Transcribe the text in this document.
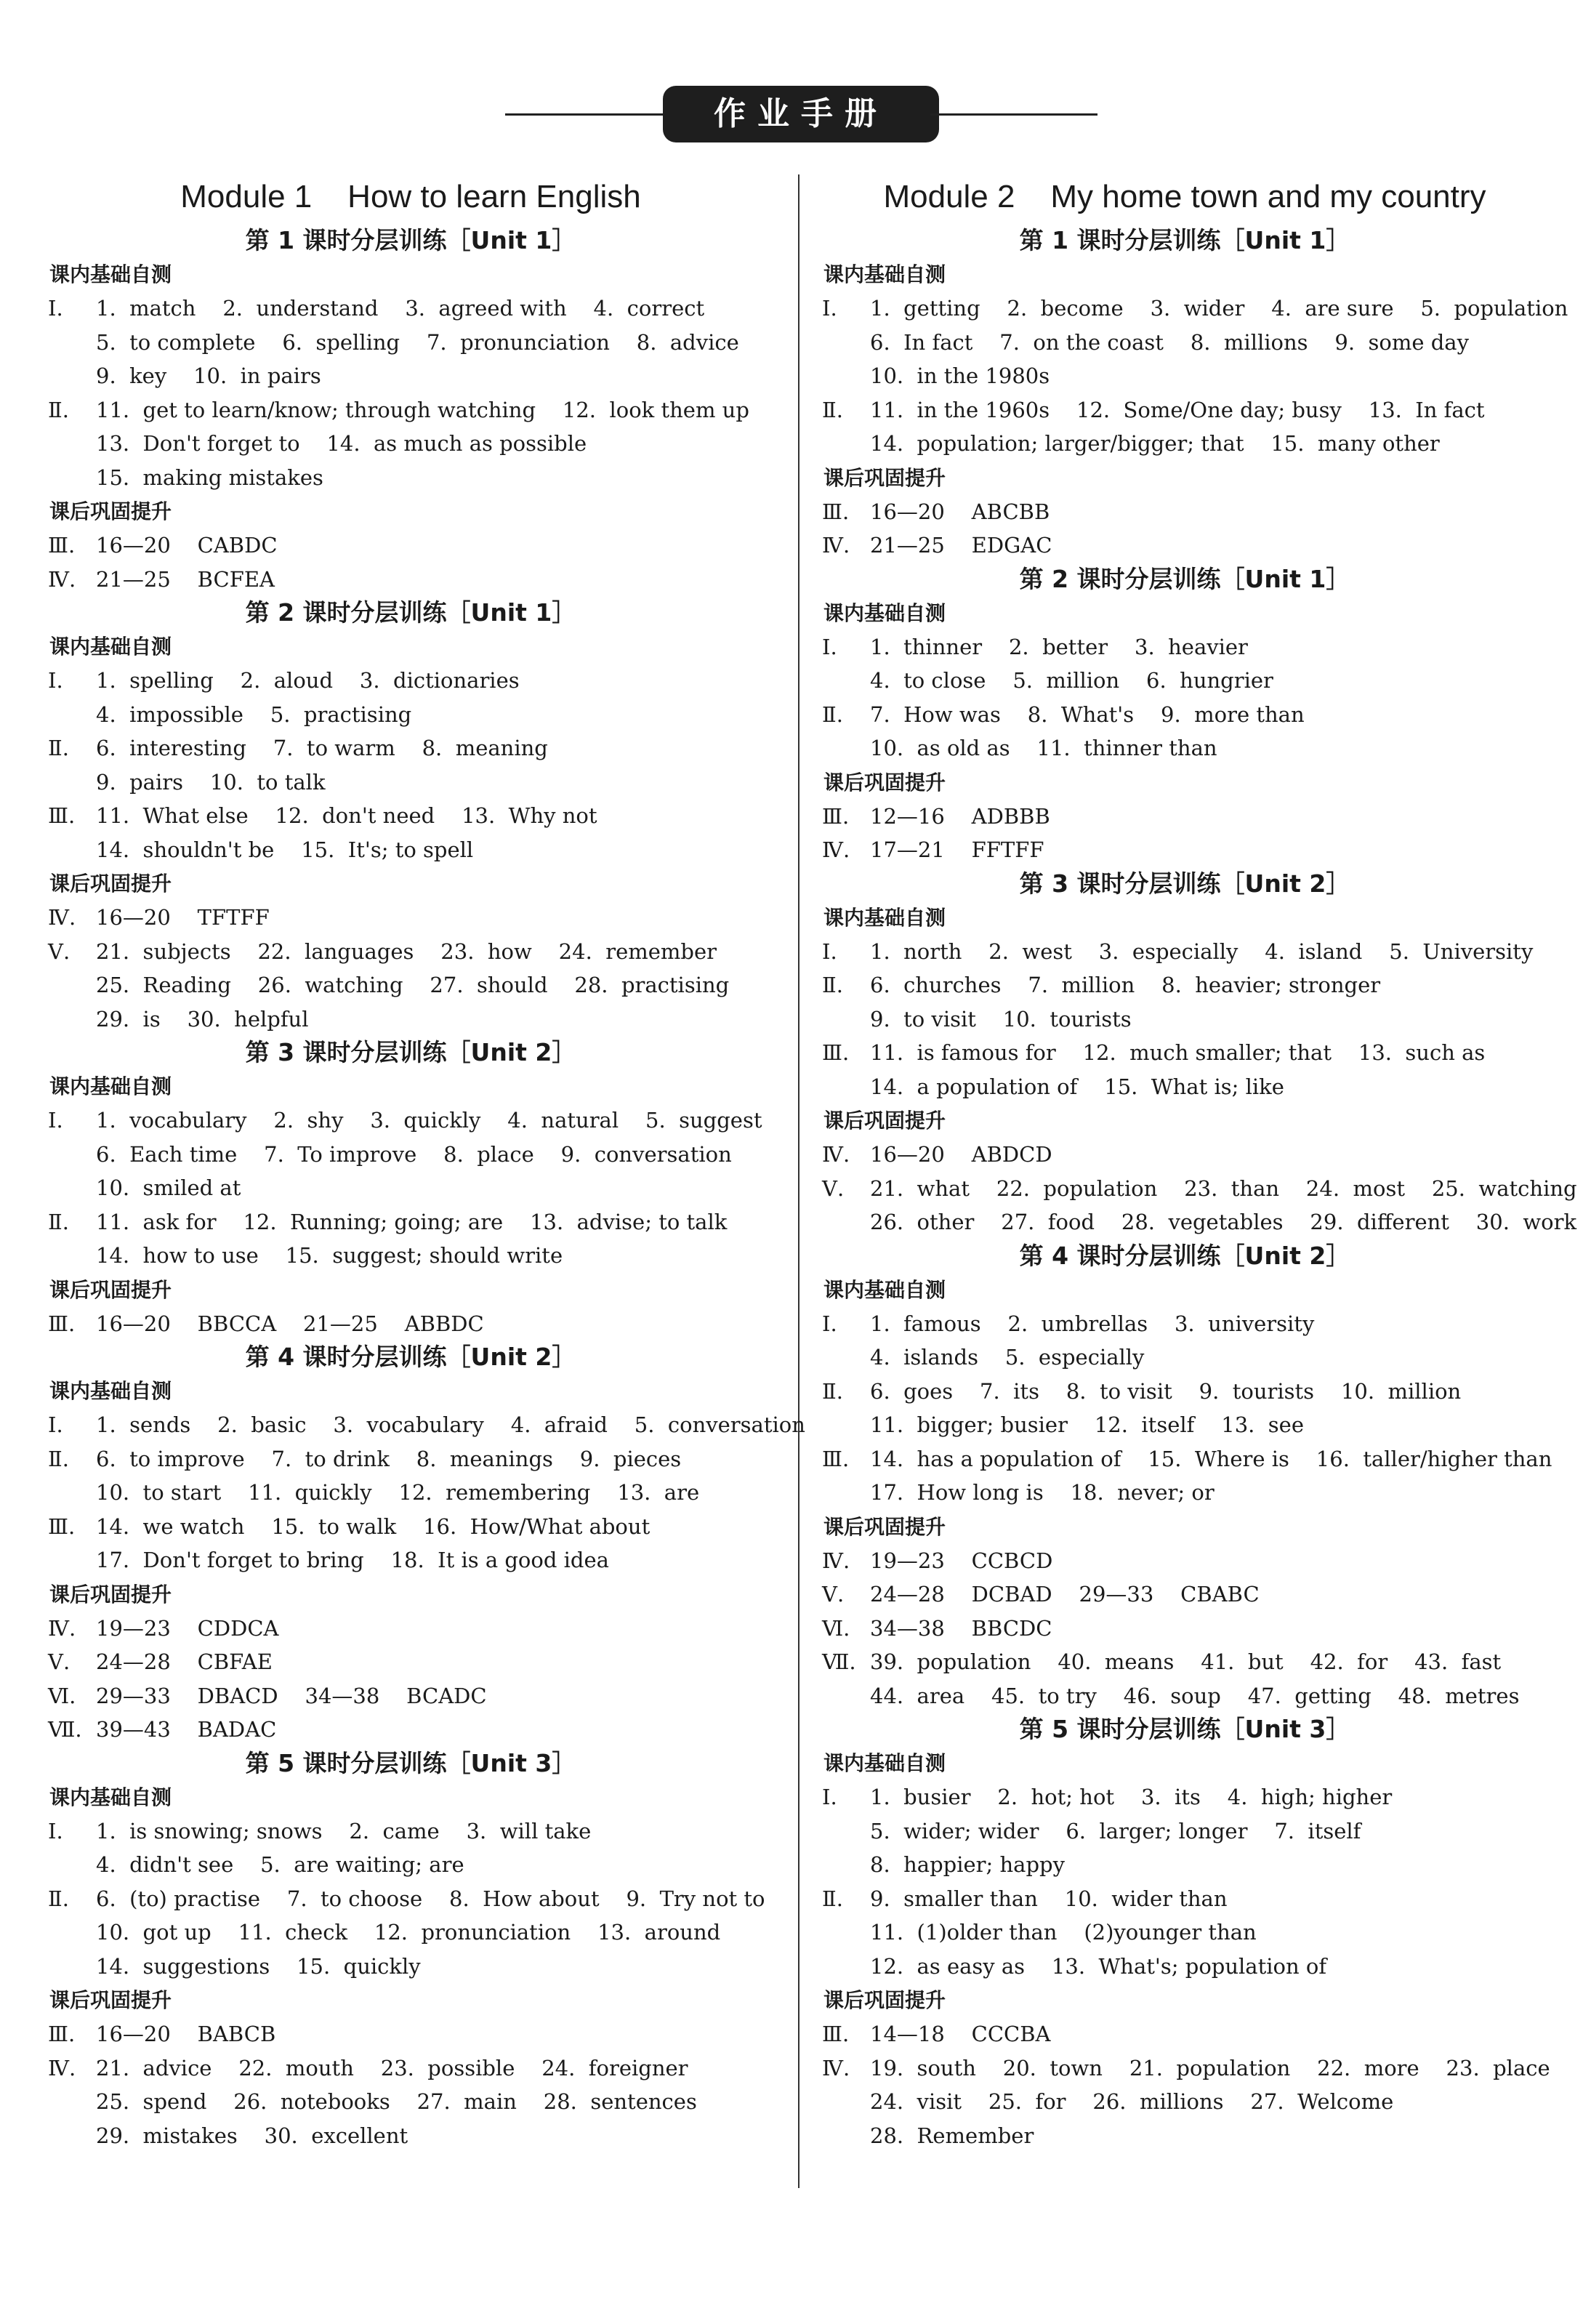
作业手册
Module 1    How to learn English
第 1 课时分层训练［Unit 1］
课内基础自测
Ⅰ.	1.  match    2.  understand    3.  agreed with    4.  correct
5.  to complete    6.  spelling    7.  pronunciation    8.  advice
9.  key    10.  in pairs
Ⅱ.	11.  get to learn/know; through watching    12.  look them up
13.  Don't forget to    14.  as much as possible
15.  making mistakes
课后巩固提升
Ⅲ. 16—20    CABDC
Ⅳ. 21—25    BCFEA
第 2 课时分层训练［Unit 1］
课内基础自测
Ⅰ.	1.  spelling    2.  aloud    3.  dictionaries
4.  impossible    5.  practising
Ⅱ.	6.  interesting    7.  to warm    8.  meaning
9.  pairs    10.  to talk
Ⅲ. 11.  What else    12.  don't need    13.  Why not
14.  shouldn't be    15.  It's; to spell
课后巩固提升
Ⅳ. 16—20    TFTFF
Ⅴ.	21.  subjects    22.  languages    23.  how    24.  remember
25.  Reading    26.  watching    27.  should    28.  practising
29.  is    30.  helpful
第 3 课时分层训练［Unit 2］
课内基础自测
Ⅰ.	1.  vocabulary    2.  shy    3.  quickly    4.  natural    5.  suggest
6.  Each time    7.  To improve    8.  place    9.  conversation
10.  smiled at
Ⅱ.	11.  ask for    12.  Running; going; are    13.  advise; to talk
14.  how to use    15.  suggest; should write
课后巩固提升
Ⅲ. 16—20    BBCCA    21—25    ABBDC
第 4 课时分层训练［Unit 2］
课内基础自测
Ⅰ.	1.  sends    2.  basic    3.  vocabulary    4.  afraid    5.  conversation
Ⅱ.	6.  to improve    7.  to drink    8.  meanings    9.  pieces
10.  to start    11.  quickly    12.  remembering    13.  are
Ⅲ. 14.  we watch    15.  to walk    16.  How/What about
17.  Don't forget to bring    18.  It is a good idea
课后巩固提升
Ⅳ. 19—23    CDDCA
Ⅴ.	24—28    CBFAE
Ⅵ. 29—33    DBACD    34—38    BCADC
Ⅶ. 39—43    BADAC
第 5 课时分层训练［Unit 3］
课内基础自测
Ⅰ.	1.  is snowing; snows    2.  came    3.  will take
4.  didn't see    5.  are waiting; are
Ⅱ.	6.  (to) practise    7.  to choose    8.  How about    9.  Try not to
10.  got up    11.  check    12.  pronunciation    13.  around
14.  suggestions    15.  quickly
课后巩固提升
Ⅲ. 16—20    BABCB
Ⅳ. 21.  advice    22.  mouth    23.  possible    24.  foreigner
25.  spend    26.  notebooks    27.  main    28.  sentences
29.  mistakes    30.  excellent
Module 2    My home town and my country
第 1 课时分层训练［Unit 1］
课内基础自测
Ⅰ.	1.  getting    2.  become    3.  wider    4.  are sure    5.  population
6.  In fact    7.  on the coast    8.  millions    9.  some day
10.  in the 1980s
Ⅱ.	11.  in the 1960s    12.  Some/One day; busy    13.  In fact
14.  population; larger/bigger; that    15.  many other
课后巩固提升
Ⅲ. 16—20    ABCBB
Ⅳ. 21—25    EDGAC
第 2 课时分层训练［Unit 1］
课内基础自测
Ⅰ.	1.  thinner    2.  better    3.  heavier
4.  to close    5.  million    6.  hungrier
Ⅱ.	7.  How was    8.  What's    9.  more than
10.  as old as    11.  thinner than
课后巩固提升
Ⅲ. 12—16    ADBBB
Ⅳ. 17—21    FFTFF
第 3 课时分层训练［Unit 2］
课内基础自测
Ⅰ.	1.  north    2.  west    3.  especially    4.  island    5.  University
Ⅱ.	6.  churches    7.  million    8.  heavier; stronger
9.  to visit    10.  tourists
Ⅲ. 11.  is famous for    12.  much smaller; that    13.  such as
14.  a population of    15.  What is; like
课后巩固提升
Ⅳ. 16—20    ABDCD
Ⅴ.	21.  what    22.  population    23.  than    24.  most    25.  watching
26.  other    27.  food    28.  vegetables    29.  different    30.  work
第 4 课时分层训练［Unit 2］
课内基础自测
Ⅰ.	1.  famous    2.  umbrellas    3.  university
4.  islands    5.  especially
Ⅱ.	6.  goes    7.  its    8.  to visit    9.  tourists    10.  million
11.  bigger; busier    12.  itself    13.  see
Ⅲ. 14.  has a population of    15.  Where is    16.  taller/higher than
17.  How long is    18.  never; or
课后巩固提升
Ⅳ. 19—23    CCBCD
Ⅴ.	24—28    DCBAD    29—33    CBABC
Ⅵ. 34—38    BBCDC
Ⅶ. 39.  population    40.  means    41.  but    42.  for    43.  fast
44.  area    45.  to try    46.  soup    47.  getting    48.  metres
第 5 课时分层训练［Unit 3］
课内基础自测
Ⅰ.	1.  busier    2.  hot; hot    3.  its    4.  high; higher
5.  wider; wider    6.  larger; longer    7.  itself
8.  happier; happy
Ⅱ.	9.  smaller than    10.  wider than
11.  (1)older than    (2)younger than
12.  as easy as    13.  What's; population of
课后巩固提升
Ⅲ. 14—18    CCCBA
Ⅳ. 19.  south    20.  town    21.  population    22.  more    23.  place
24.  visit    25.  for    26.  millions    27.  Welcome
28.  Remember
